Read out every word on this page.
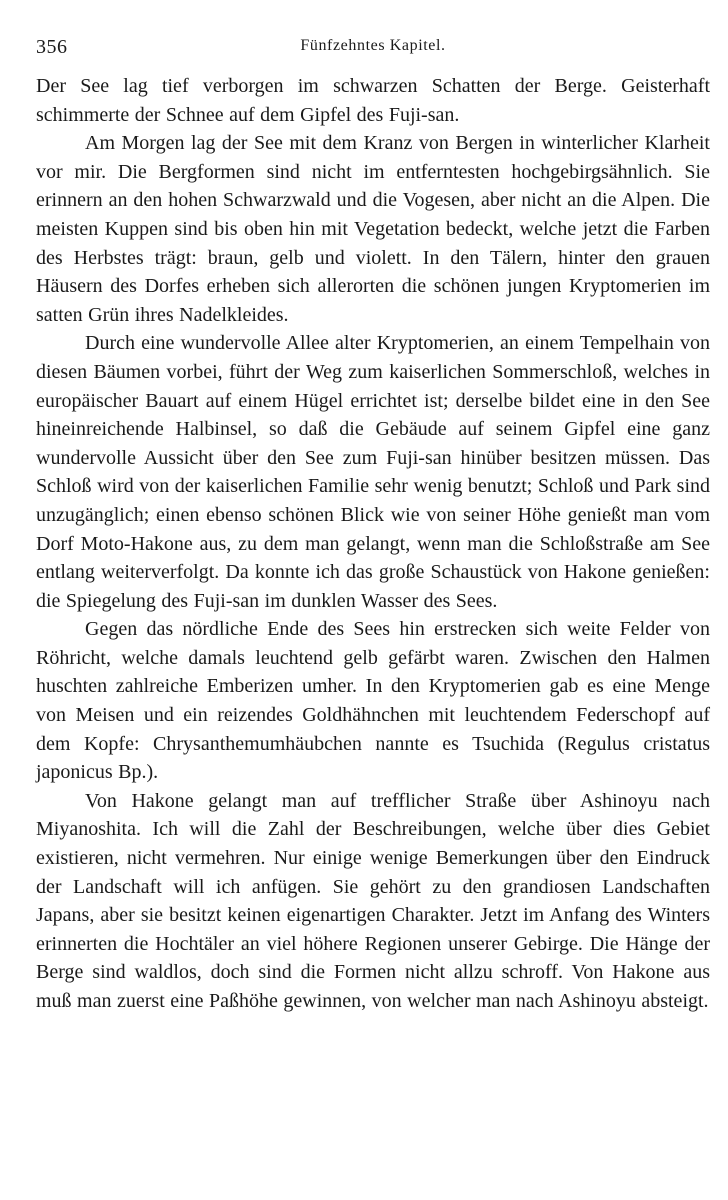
356	Fünfzehntes Kapitel.

Der See lag tief verborgen im schwarzen Schatten der Berge. Geisterhaft schimmerte der Schnee auf dem Gipfel des Fuji-san.

Am Morgen lag der See mit dem Kranz von Bergen in winterlicher Klarheit vor mir. Die Bergformen sind nicht im entferntesten hochgebirgsähnlich. Sie erinnern an den hohen Schwarzwald und die Vogesen, aber nicht an die Alpen. Die meisten Kuppen sind bis oben hin mit Vegetation bedeckt, welche jetzt die Farben des Herbstes trägt: braun, gelb und violett. In den Tälern, hinter den grauen Häusern des Dorfes erheben sich allerorten die schönen jungen Kryptomerien im satten Grün ihres Nadelkleides.

Durch eine wundervolle Allee alter Kryptomerien, an einem Tempelhain von diesen Bäumen vorbei, führt der Weg zum kaiserlichen Sommerschloß, welches in europäischer Bauart auf einem Hügel errichtet ist; derselbe bildet eine in den See hineinreichende Halbinsel, so daß die Gebäude auf seinem Gipfel eine ganz wundervolle Aussicht über den See zum Fuji-san hinüber besitzen müssen. Das Schloß wird von der kaiserlichen Familie sehr wenig benutzt; Schloß und Park sind unzugänglich; einen ebenso schönen Blick wie von seiner Höhe genießt man vom Dorf Moto-Hakone aus, zu dem man gelangt, wenn man die Schloßstraße am See entlang weiterverfolgt. Da konnte ich das große Schaustück von Hakone genießen: die Spiegelung des Fuji-san im dunklen Wasser des Sees.

Gegen das nördliche Ende des Sees hin erstrecken sich weite Felder von Röhricht, welche damals leuchtend gelb gefärbt waren. Zwischen den Halmen huschten zahlreiche Emberizen umher. In den Kryptomerien gab es eine Menge von Meisen und ein reizendes Goldhähnchen mit leuchtendem Federschopf auf dem Kopfe: Chrysanthemumhäubchen nannte es Tsuchida (Regulus cristatus japonicus Bp.).

Von Hakone gelangt man auf trefflicher Straße über Ashinoyu nach Miyanoshita. Ich will die Zahl der Beschreibungen, welche über dies Gebiet existieren, nicht vermehren. Nur einige wenige Bemerkungen über den Eindruck der Landschaft will ich anfügen. Sie gehört zu den grandiosen Landschaften Japans, aber sie besitzt keinen eigenartigen Charakter. Jetzt im Anfang des Winters erinnerten die Hochtäler an viel höhere Regionen unserer Gebirge. Die Hänge der Berge sind waldlos, doch sind die Formen nicht allzu schroff. Von Hakone aus muß man zuerst eine Paßhöhe gewinnen, von welcher man nach Ashinoyu absteigt.
